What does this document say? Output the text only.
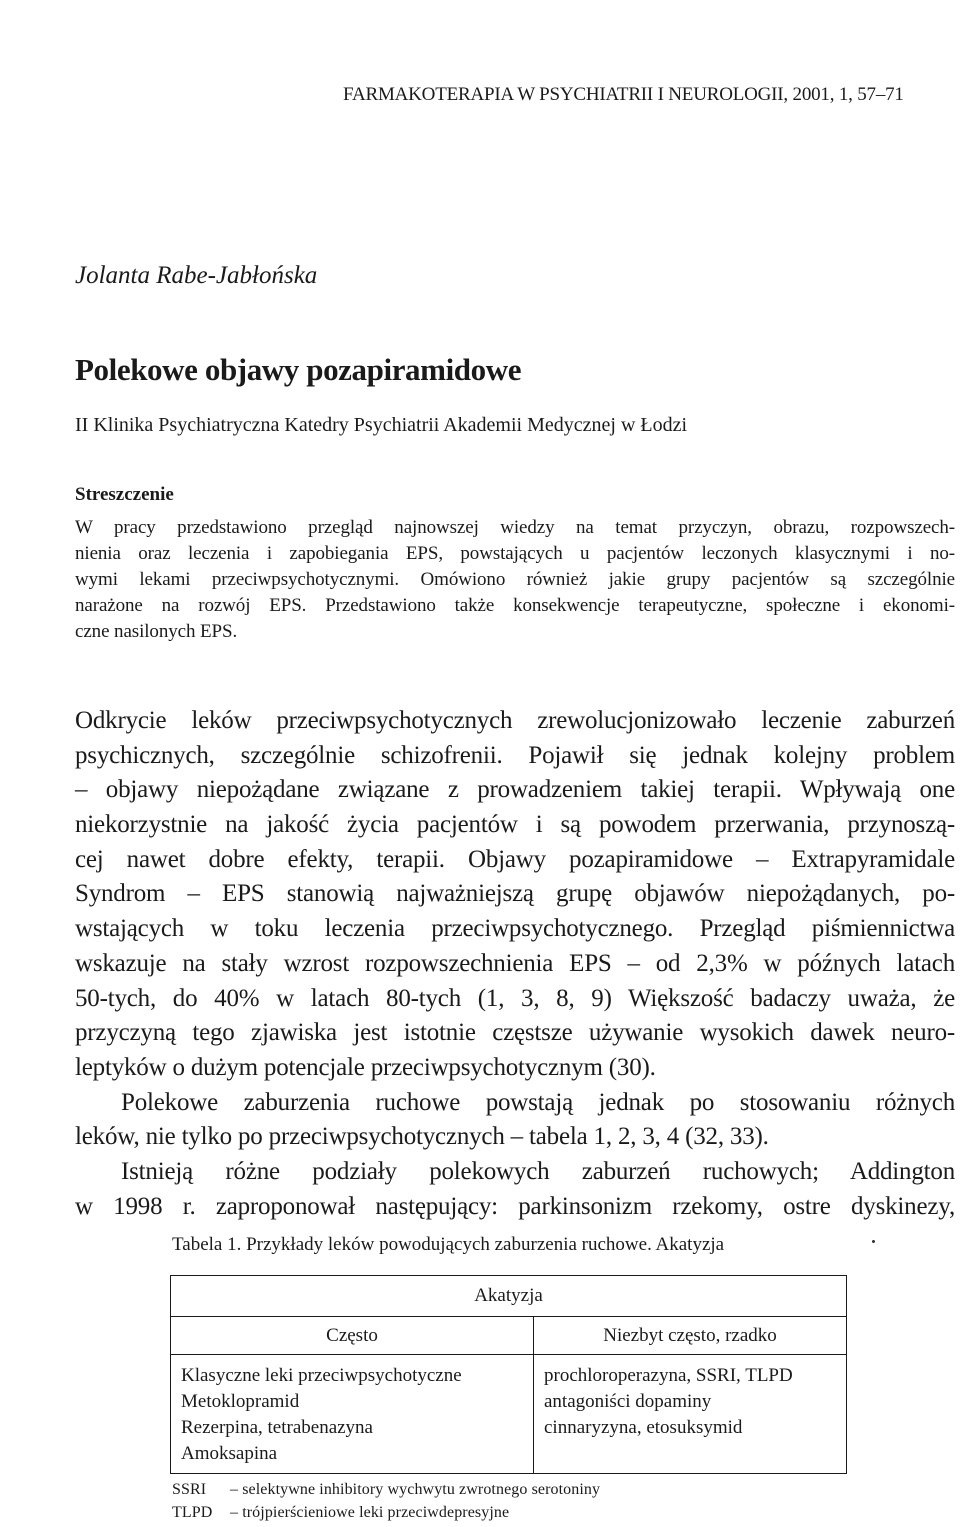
FARMAKOTERAPIA W PSYCHIATRII I NEUROLOGII, 2001, 1, 57–71
Jolanta Rabe-Jabłońska
Polekowe objawy pozapiramidowe
II Klinika Psychiatryczna Katedry Psychiatrii Akademii Medycznej w Łodzi
Streszczenie
W pracy przedstawiono przegląd najnowszej wiedzy na temat przyczyn, obrazu, rozpowszech-
nienia oraz leczenia i zapobiegania EPS, powstających u pacjentów leczonych klasycznymi i no-
wymi lekami przeciwpsychotycznymi. Omówiono również jakie grupy pacjentów są szczególnie
narażone na rozwój EPS. Przedstawiono także konsekwencje terapeutyczne, społeczne i ekonomi-
czne nasilonych EPS.
Odkrycie leków przeciwpsychotycznych zrewolucjonizowało leczenie zaburzeń
psychicznych, szczególnie schizofrenii. Pojawił się jednak kolejny problem
– objawy niepożądane związane z prowadzeniem takiej terapii. Wpływają one
niekorzystnie na jakość życia pacjentów i są powodem przerwania, przynoszą-
cej nawet dobre efekty, terapii. Objawy pozapiramidowe – Extrapyramidale
Syndrom – EPS stanowią najważniejszą grupę objawów niepożądanych, po-
wstających w toku leczenia przeciwpsychotycznego. Przegląd piśmiennictwa
wskazuje na stały wzrost rozpowszechnienia EPS – od 2,3% w późnych latach
50-tych, do 40% w latach 80-tych (1, 3, 8, 9) Większość badaczy uważa, że
przyczyną tego zjawiska jest istotnie częstsze używanie wysokich dawek neuro-
leptyków o dużym potencjale przeciwpsychotycznym (30).
Polekowe zaburzenia ruchowe powstają jednak po stosowaniu różnych
leków, nie tylko po przeciwpsychotycznych – tabela 1, 2, 3, 4 (32, 33).
Istnieją różne podziały polekowych zaburzeń ruchowych; Addington
w 1998 r. zaproponował następujący: parkinsonizm rzekomy, ostre dyskinezy,
Tabela 1. Przykłady leków powodujących zaburzenia ruchowe. Akatyzja
Akatyzja	
Często	Niezbyt często, rzadko

Klasyczne leki przeciwpsychotyczne
Metoklopramid
Rezerpina, tetrabenazyna
Amoksapina	prochloroperazyna, SSRI, TLPD
antagoniści dopaminy
cinnaryzyna, etosuksymid
SSRI – selektywne inhibitory wychwytu zwrotnego serotoniny
TLPD – trójpierścieniowe leki przeciwdepresyjne
